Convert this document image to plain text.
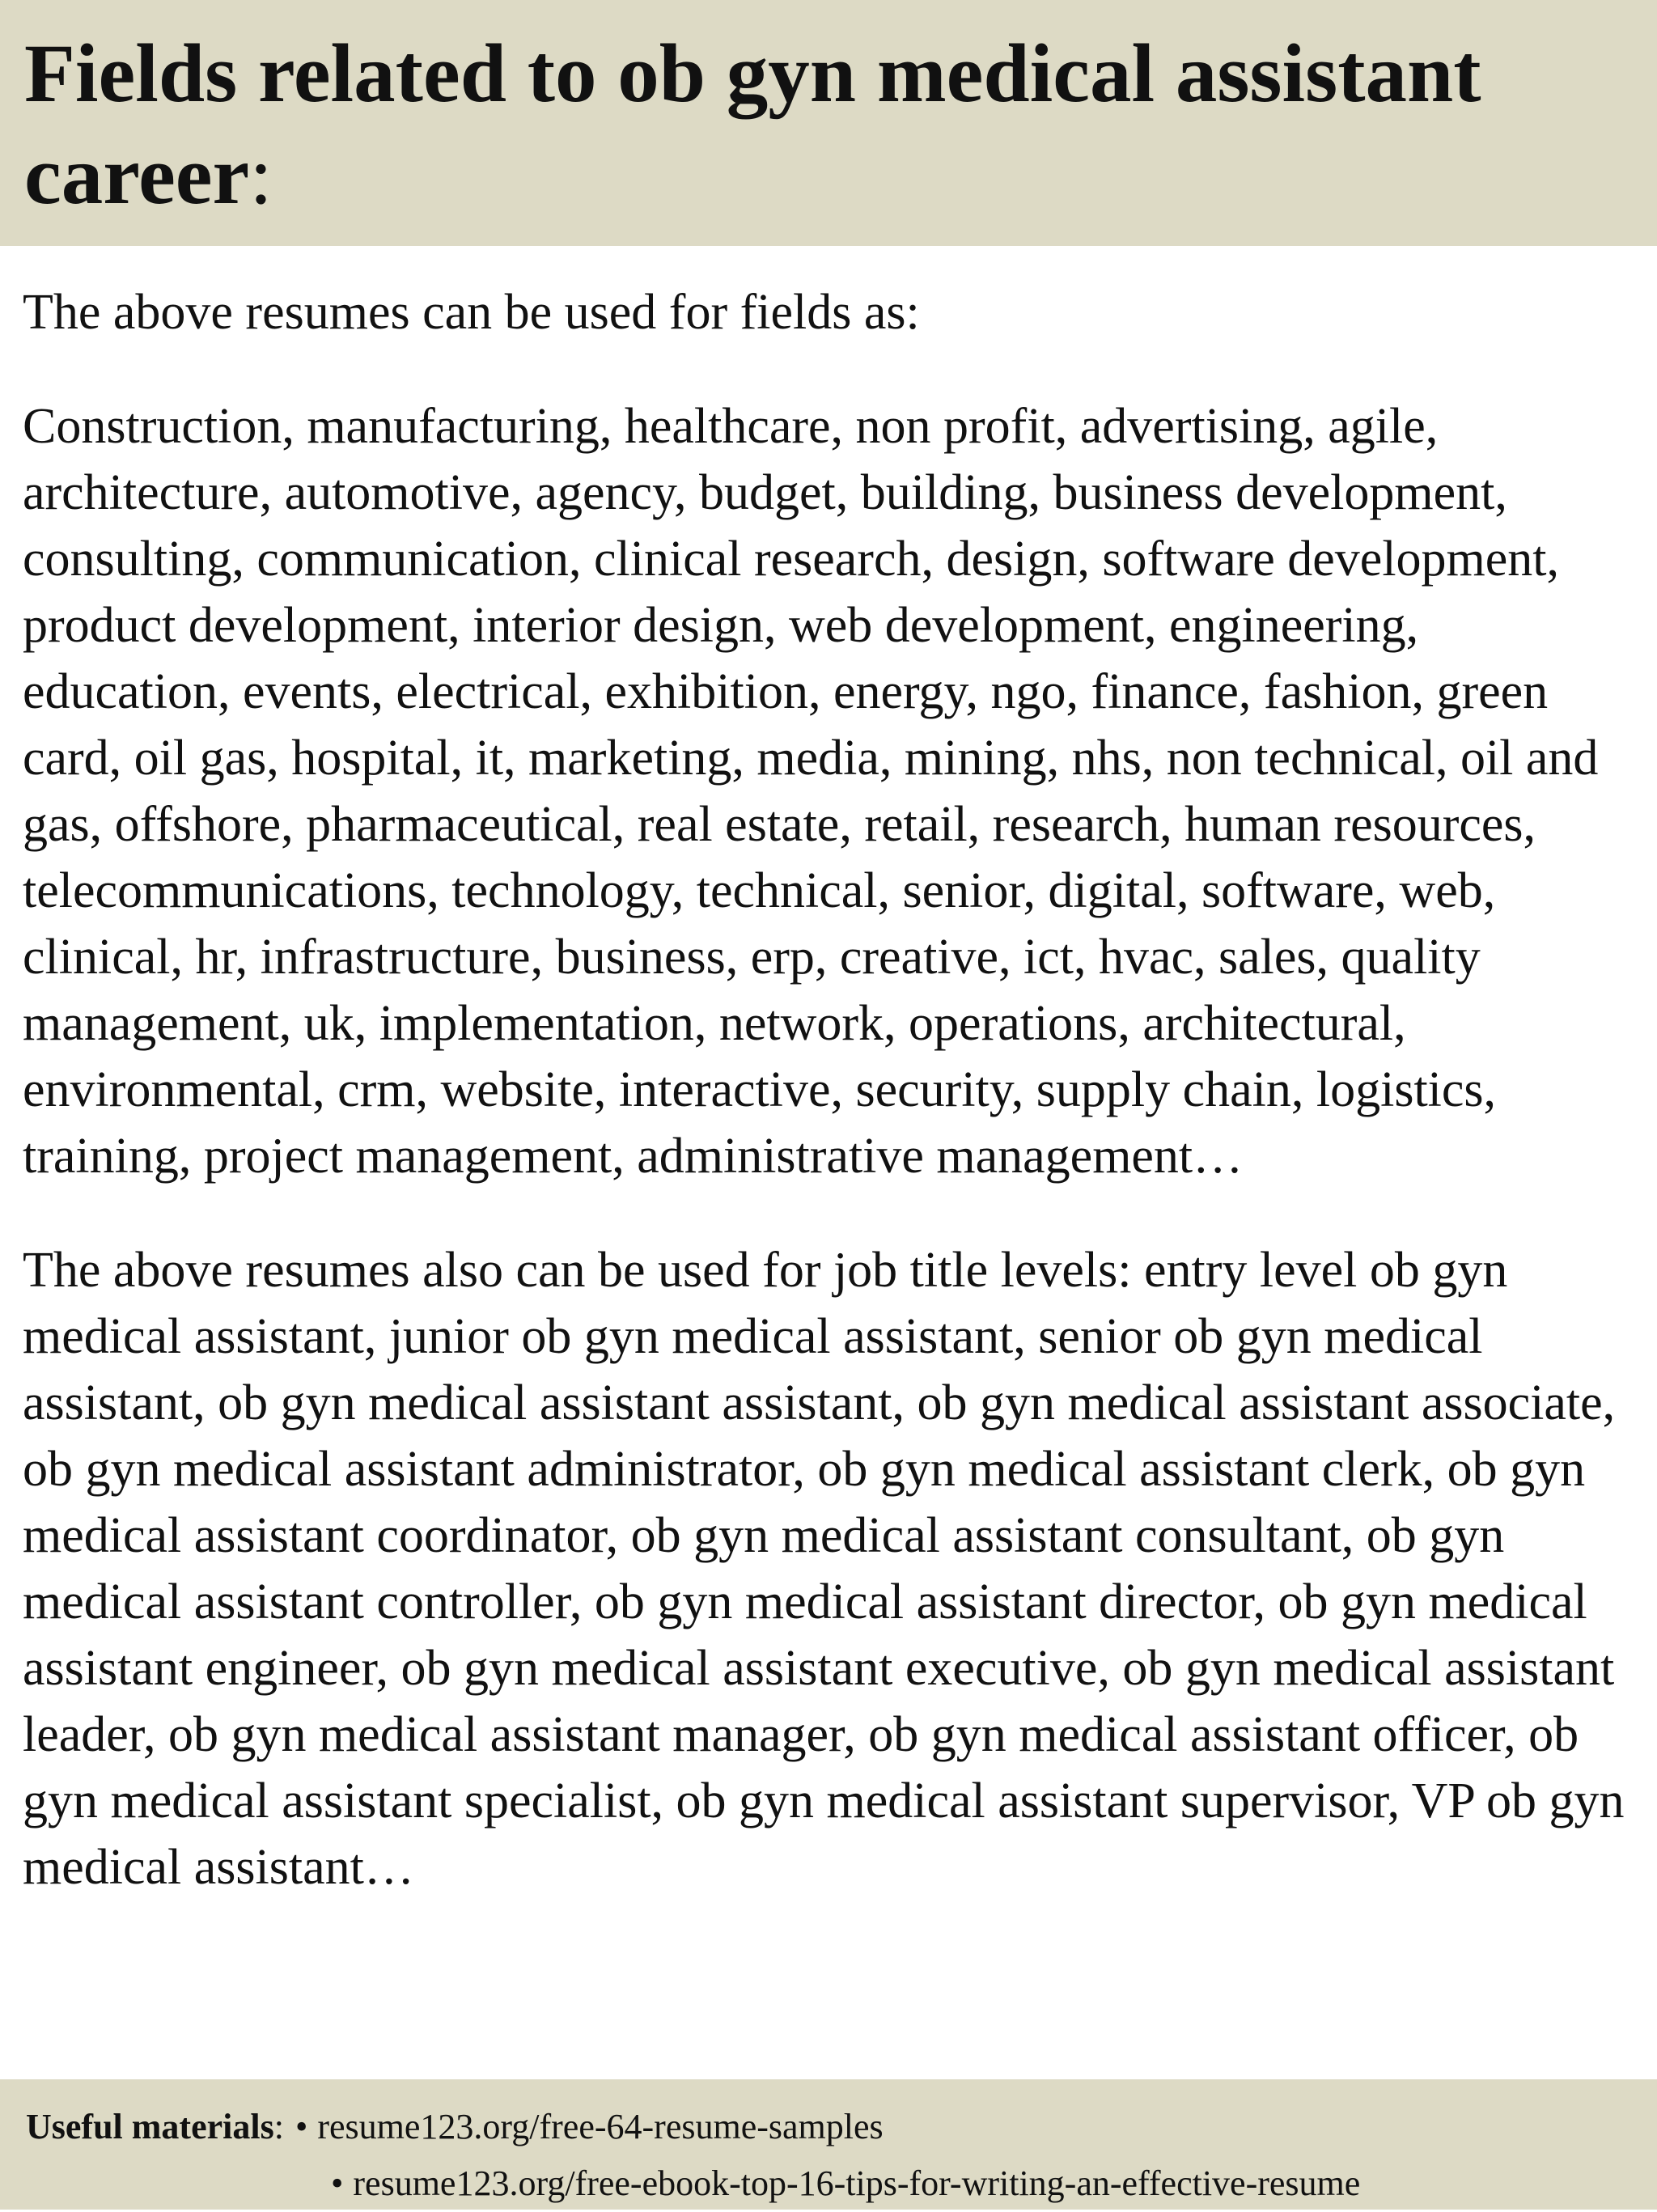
Fields related to ob gyn medical assistant career:

The above resumes can be used for fields as:

Construction, manufacturing, healthcare, non profit, advertising, agile, architecture, automotive, agency, budget, building, business development, consulting, communication, clinical research, design, software development, product development, interior design, web development, engineering, education, events, electrical, exhibition, energy, ngo, finance, fashion, green card, oil gas, hospital, it, marketing, media, mining, nhs, non technical, oil and gas, offshore, pharmaceutical, real estate, retail, research, human resources, telecommunications, technology, technical, senior, digital, software, web, clinical, hr, infrastructure, business, erp, creative, ict, hvac, sales, quality management, uk, implementation, network, operations, architectural, environmental, crm, website, interactive, security, supply chain, logistics, training, project management, administrative management…

The above resumes also can be used for job title levels: entry level ob gyn medical assistant, junior ob gyn medical assistant, senior ob gyn medical assistant, ob gyn medical assistant assistant, ob gyn medical assistant associate, ob gyn medical assistant administrator, ob gyn medical assistant clerk, ob gyn medical assistant coordinator, ob gyn medical assistant consultant, ob gyn medical assistant controller, ob gyn medical assistant director, ob gyn medical assistant engineer, ob gyn medical assistant executive, ob gyn medical assistant leader, ob gyn medical assistant manager, ob gyn medical assistant officer, ob gyn medical assistant specialist, ob gyn medical assistant supervisor, VP ob gyn medical assistant…

Useful materials : • resume123.org/free-64-resume-samples
• resume123.org/free-ebook-top-16-tips-for-writing-an-effective-resume
